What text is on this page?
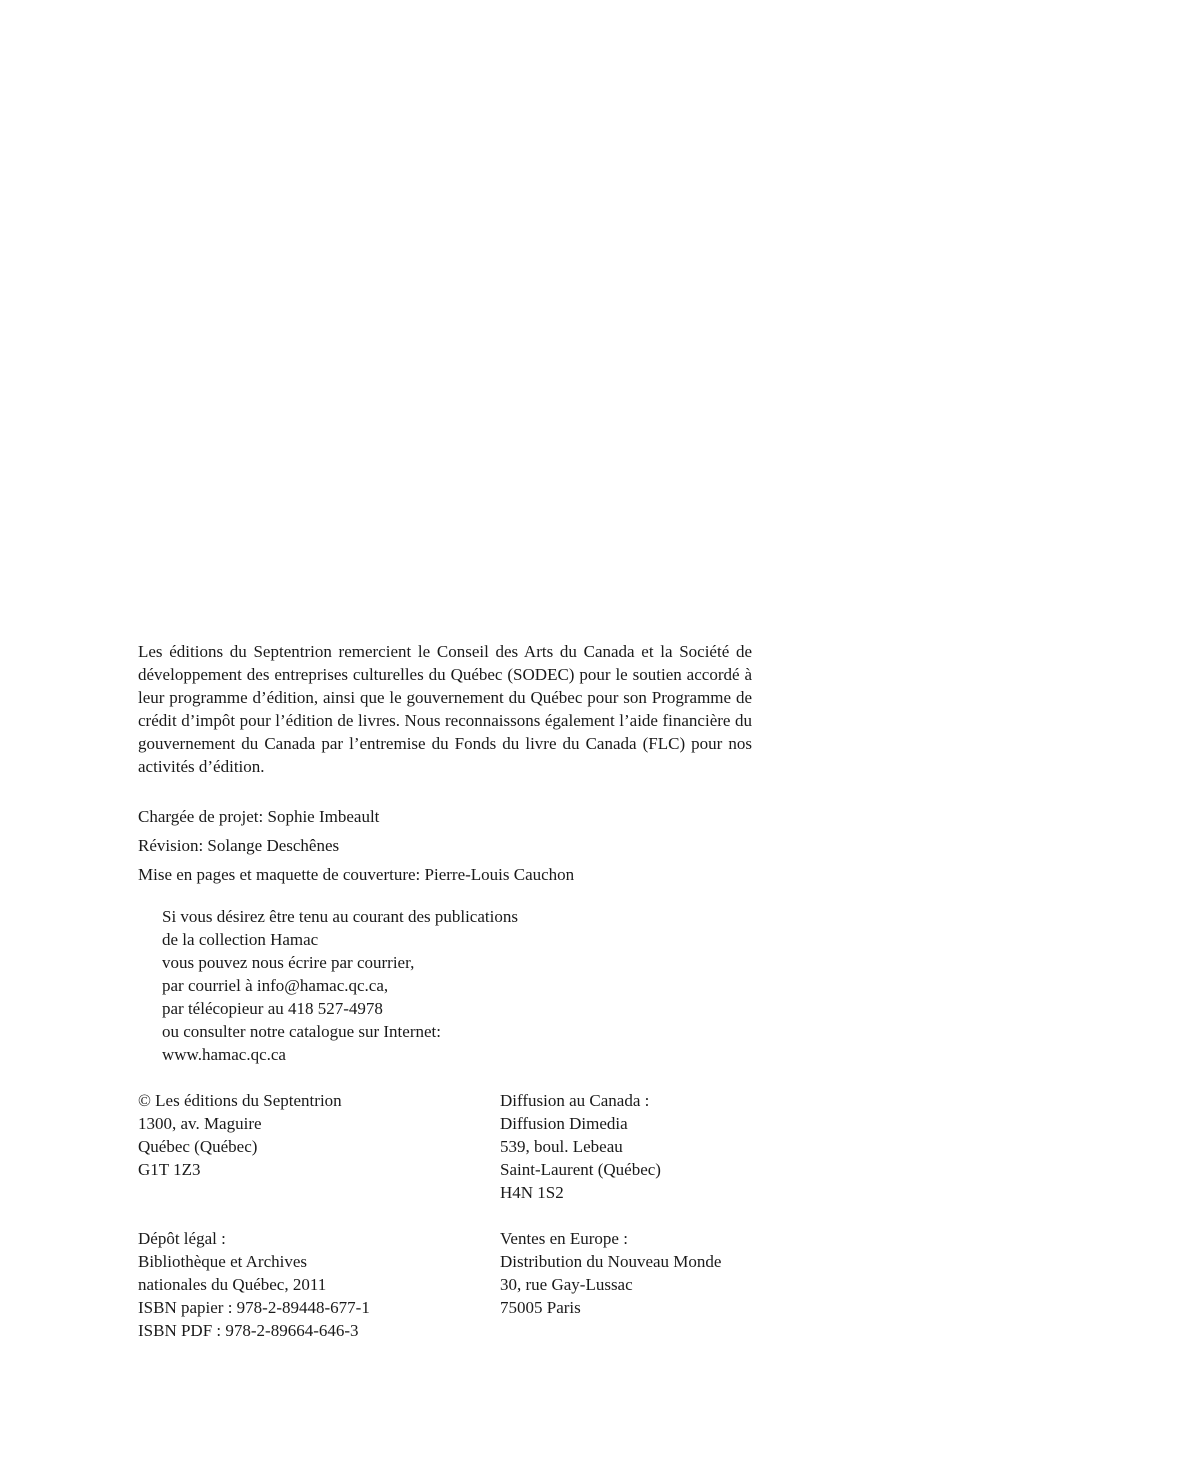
Les éditions du Septentrion remercient le Conseil des Arts du Canada et la Société de développement des entreprises culturelles du Québec (SODEC) pour le soutien accordé à leur programme d’édition, ainsi que le gouvernement du Québec pour son Programme de crédit d’impôt pour l’édition de livres. Nous reconnaissons également l’aide financière du gouvernement du Canada par l’entremise du Fonds du livre du Canada (FLC) pour nos activités d’édition.

Chargée de projet: Sophie Imbeault
Révision: Solange Deschênes
Mise en pages et maquette de couverture: Pierre-Louis Cauchon
Si vous désirez être tenu au courant des publications
de la collection Hamac
vous pouvez nous écrire par courrier,
par courriel à info@hamac.qc.ca,
par télécopieur au 418 527-4978
ou consulter notre catalogue sur Internet:
www.hamac.qc.ca
© Les éditions du Septentrion
1300, av. Maguire
Québec (Québec)
G1T 1Z3
Dépôt légal :
Bibliothèque et Archives
nationales du Québec, 2011
ISBN papier : 978-2-89448-677-1
ISBN PDF : 978-2-89664-646-3
Diffusion au Canada :
Diffusion Dimedia
539, boul. Lebeau
Saint-Laurent (Québec)
H4N 1S2
Ventes en Europe :
Distribution du Nouveau Monde
30, rue Gay-Lussac
75005 Paris
